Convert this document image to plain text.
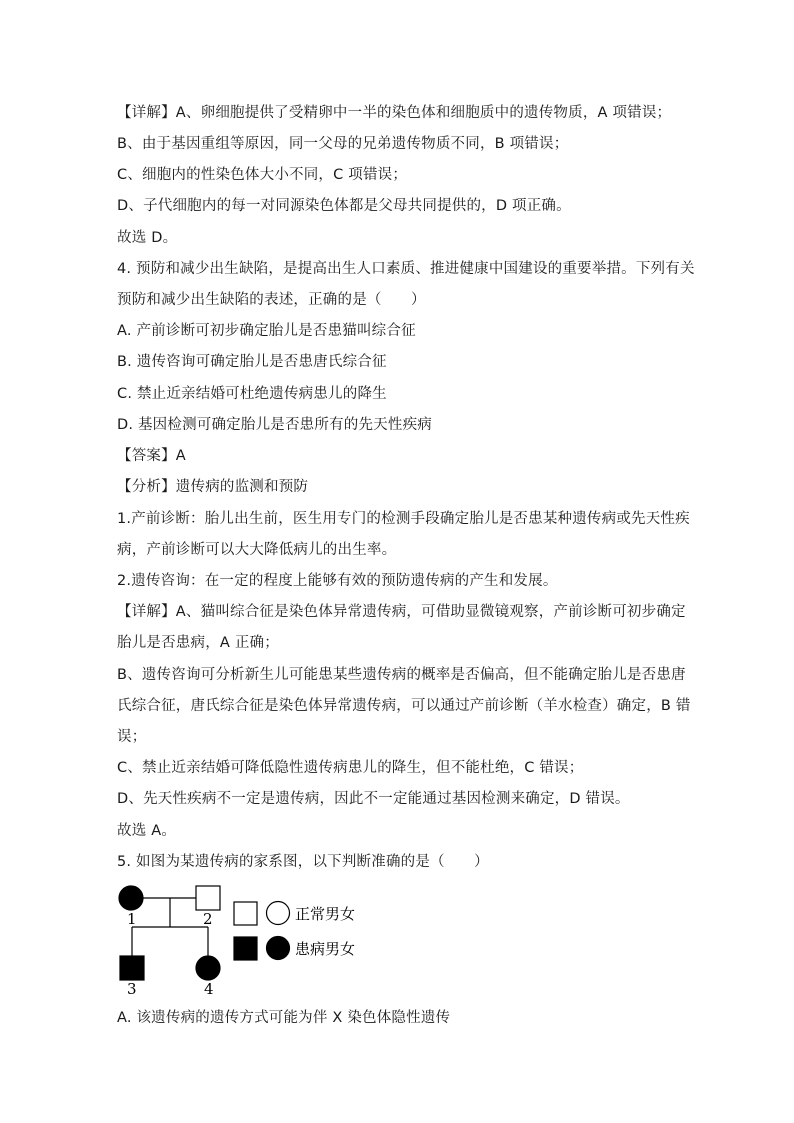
【详解】A、卵细胞提供了受精卵中一半的染色体和细胞质中的遗传物质，A 项错误；
B、由于基因重组等原因，同一父母的兄弟遗传物质不同，B 项错误；
C、细胞内的性染色体大小不同，C 项错误；
D、子代细胞内的每一对同源染色体都是父母共同提供的，D 项正确。
故选 D。
4. 预防和减少出生缺陷，是提高出生人口素质、推进健康中国建设的重要举措。下列有关
预防和减少出生缺陷的表述，正确的是（　　）
A. 产前诊断可初步确定胎儿是否患猫叫综合征
B. 遗传咨询可确定胎儿是否患唐氏综合征
C. 禁止近亲结婚可杜绝遗传病患儿的降生
D. 基因检测可确定胎儿是否患所有的先天性疾病
【答案】A
【分析】遗传病的监测和预防
1.产前诊断：胎儿出生前，医生用专门的检测手段确定胎儿是否患某种遗传病或先天性疾
病，产前诊断可以大大降低病儿的出生率。
2.遗传咨询：在一定的程度上能够有效的预防遗传病的产生和发展。
【详解】A、猫叫综合征是染色体异常遗传病，可借助显微镜观察，产前诊断可初步确定
胎儿是否患病，A 正确；
B、遗传咨询可分析新生儿可能患某些遗传病的概率是否偏高，但不能确定胎儿是否患唐
氏综合征，唐氏综合征是染色体异常遗传病，可以通过产前诊断（羊水检查）确定，B 错
误；
C、禁止近亲结婚可降低隐性遗传病患儿的降生，但不能杜绝，C 错误；
D、先天性疾病不一定是遗传病，因此不一定能通过基因检测来确定，D 错误。
故选 A。
5. 如图为某遗传病的家系图，以下判断准确的是（　　）
1	2
3	4
正常男女
患病男女
A. 该遗传病的遗传方式可能为伴 X 染色体隐性遗传
